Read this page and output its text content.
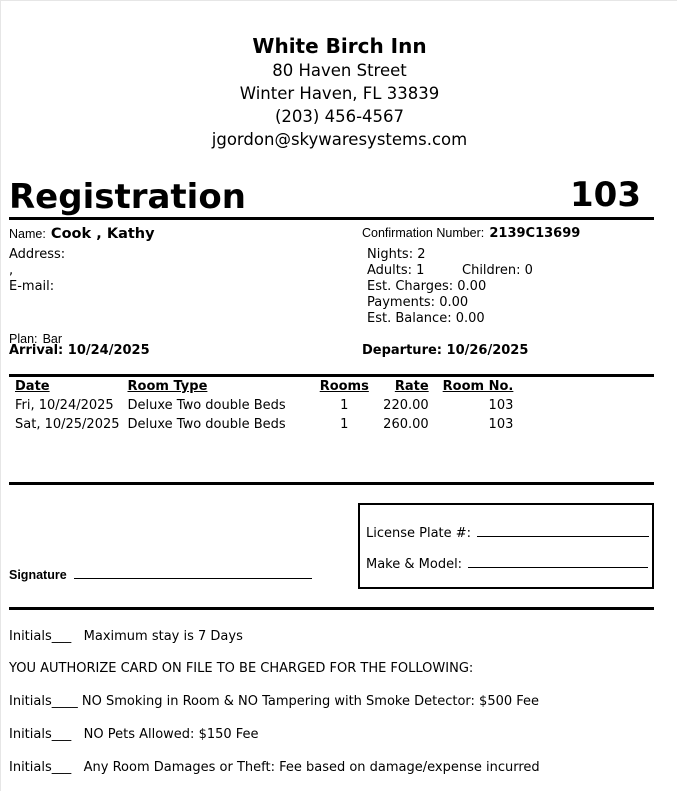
White Birch Inn
80 Haven Street
Winter Haven, FL 33839
(203) 456-4567
jgordon@skywaresystems.com
Registration	103
Name: Cook , Kathy
Address:
,
E-mail:
Plan: Bar
Arrival: 10/24/2025
Confirmation Number: 2139C13699
Nights: 2
Adults: 1	Children: 0
Est. Charges: 0.00
Payments: 0.00
Est. Balance: 0.00
Departure: 10/26/2025
Date	Room Type	Rooms	Rate	Room No.
Fri, 10/24/2025	Deluxe Two double Beds	1	220.00	103
Sat, 10/25/2025	Deluxe Two double Beds	1	260.00	103
Signature
License Plate #:
Make & Model:
Initials___   Maximum stay is 7 Days
YOU AUTHORIZE CARD ON FILE TO BE CHARGED FOR THE FOLLOWING:
Initials____ NO Smoking in Room & NO Tampering with Smoke Detector: $500 Fee
Initials___   NO Pets Allowed: $150 Fee
Initials___   Any Room Damages or Theft: Fee based on damage/expense incurred
